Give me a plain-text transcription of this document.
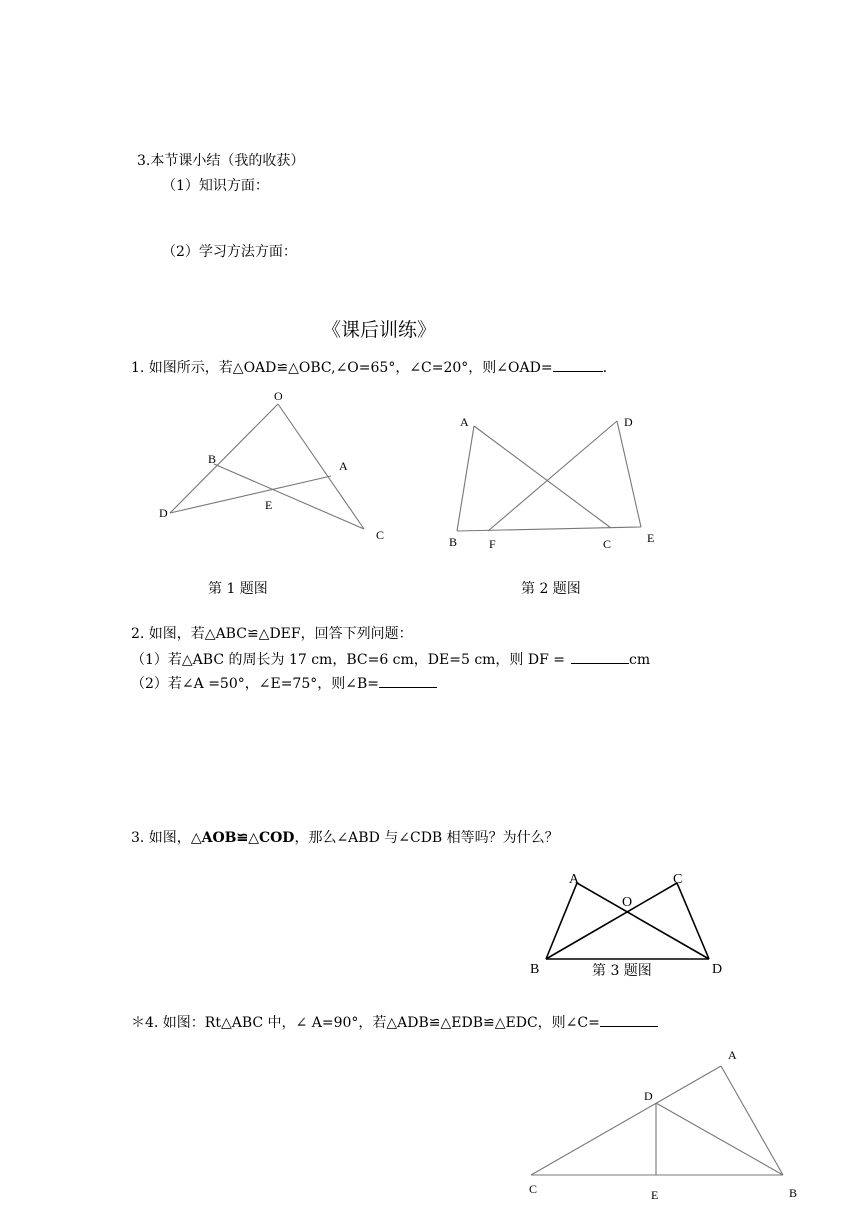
3.本节课小结（我的收获）
（1）知识方面：
（2）学习方法方面：
《课后训练》
1. 如图所示，若△OAD≌△OBC,∠O=65°，∠C=20°，则∠OAD=	.
O
A
B
C
D
E
A
B	C
D
E
F
第 1 题图	第 2 题图
2. 如图，若△ABC≌△DEF，回答下列问题：
（1）若△ABC 的周长为 17 cm，BC=6 cm，DE=5 cm，则 DF =	cm
（2）若∠A =50°，∠E=75°，则∠B=
3. 如图，△AOB≌△COD，那么∠ABD 与∠CDB 相等吗？为什么？
A
B
C
D
O
第 3 题图
＊4. 如图：Rt△ABC 中，∠ A=90°，若△ADB≌△EDB≌△EDC，则∠C=
A
B
C
D
E
